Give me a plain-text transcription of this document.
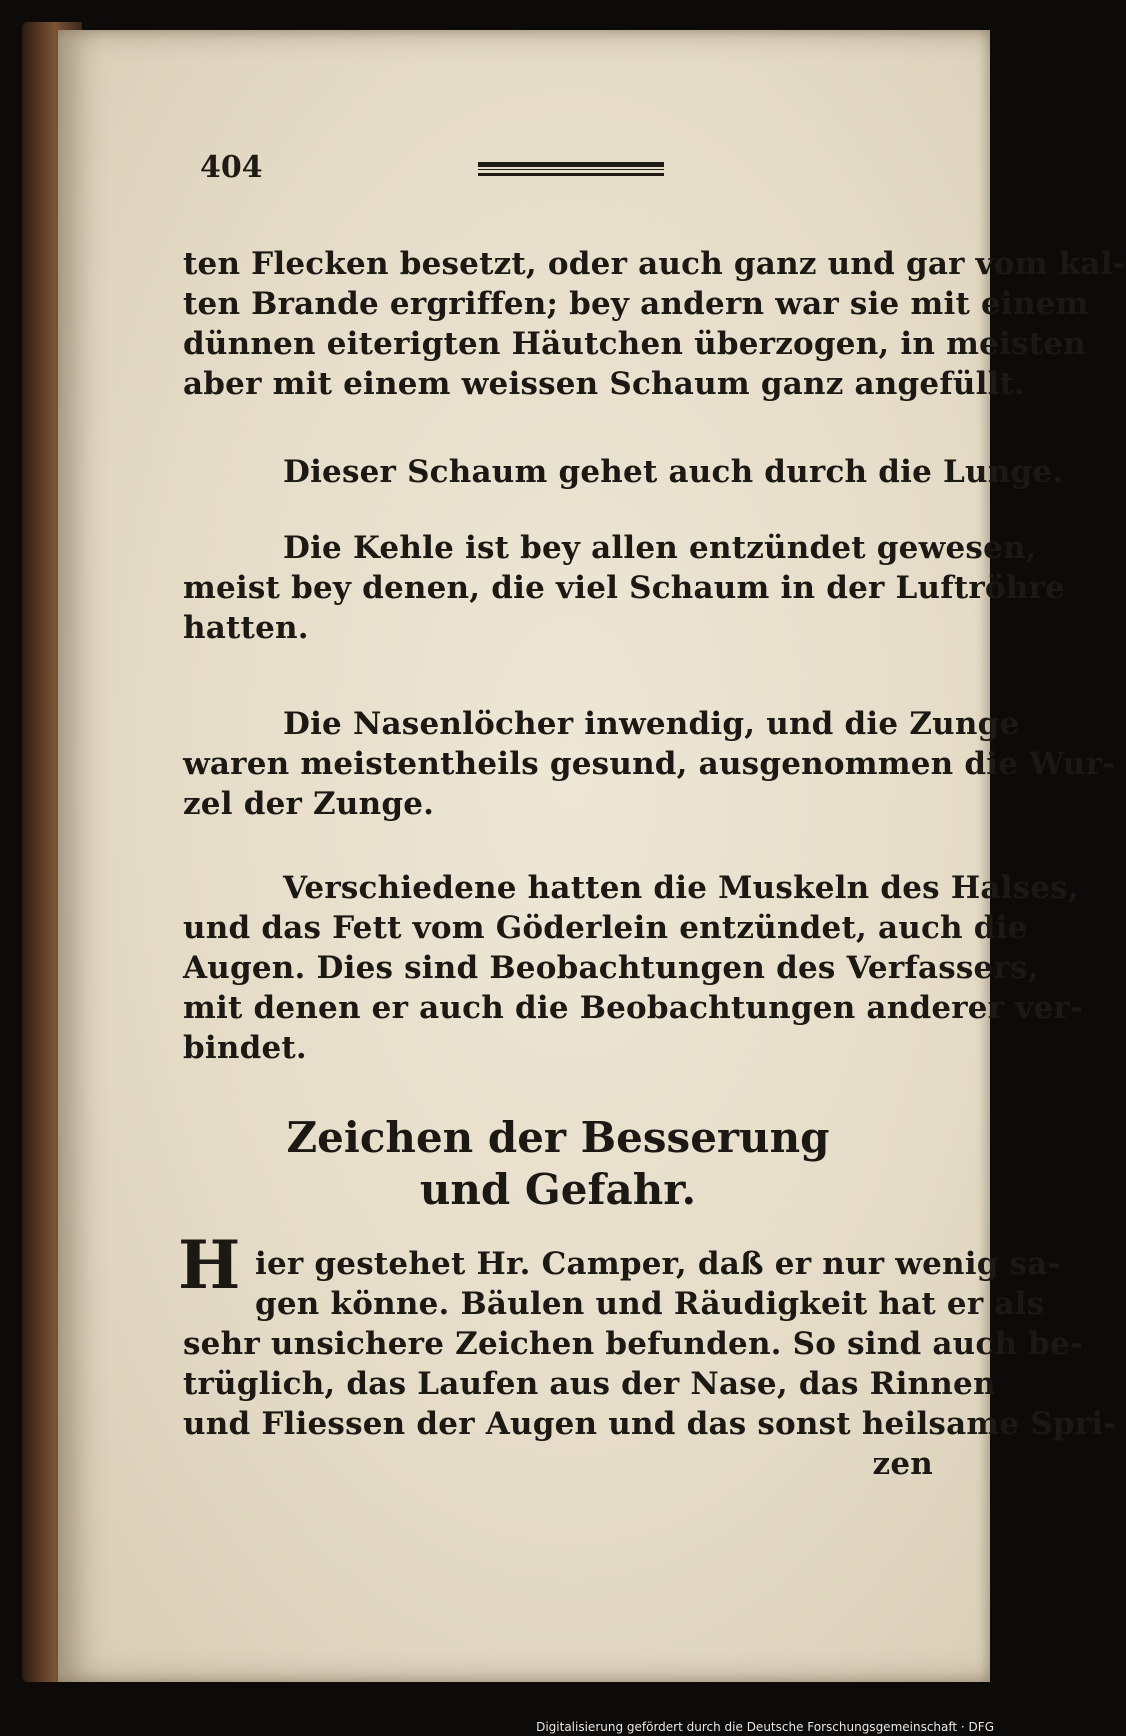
404
ten Flecken besetzt, oder auch ganz und gar vom kal-
ten Brande ergriffen; bey andern war sie mit einem
dünnen eiterigten Häutchen überzogen, in meisten
aber mit einem weissen Schaum ganz angefüllt.
Dieser Schaum gehet auch durch die Lunge.
Die Kehle ist bey allen entzündet gewesen,
meist bey denen, die viel Schaum in der Luftröhre
hatten.
Die Nasenlöcher inwendig, und die Zunge
waren meistentheils gesund, ausgenommen die Wur-
zel der Zunge.
Verschiedene hatten die Muskeln des Halses,
und das Fett vom Göderlein entzündet, auch die
Augen. Dies sind Beobachtungen des Verfassers,
mit denen er auch die Beobachtungen anderer ver-
bindet.
Zeichen der Besserung
und Gefahr.
H ier gestehet Hr. Camper, daß er nur wenig sa-
gen könne. Bäulen und Räudigkeit hat er als
sehr unsichere Zeichen befunden. So sind auch be-
trüglich, das Laufen aus der Nase, das Rinnen
und Fliessen der Augen und das sonst heilsame Spri-
zen
Digitalisierung gefördert durch die Deutsche Forschungsgemeinschaft · DFG
